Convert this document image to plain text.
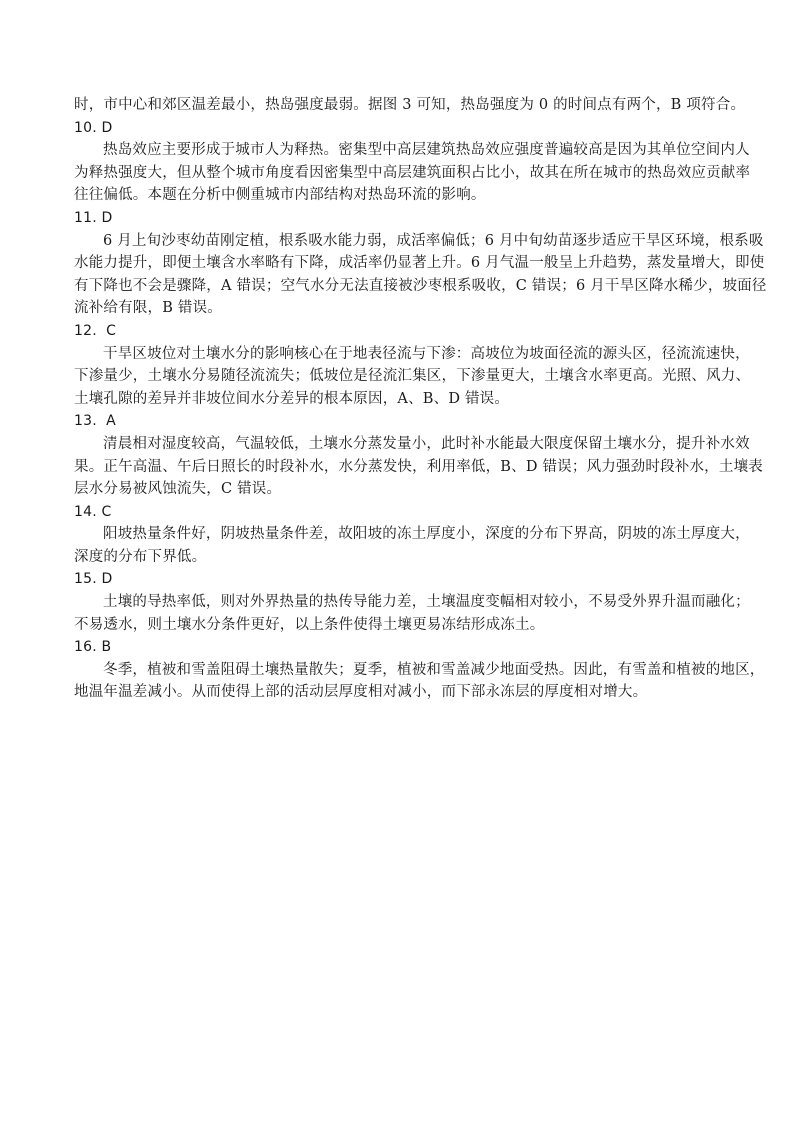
时，市中心和郊区温差最小，热岛强度最弱。据图 3 可知，热岛强度为 0 的时间点有两个，B 项符合。
10. D
热岛效应主要形成于城市人为释热。密集型中高层建筑热岛效应强度普遍较高是因为其单位空间内人
为释热强度大，但从整个城市角度看因密集型中高层建筑面积占比小，故其在所在城市的热岛效应贡献率
往往偏低。本题在分析中侧重城市内部结构对热岛环流的影响。
11. D
6 月上旬沙枣幼苗刚定植，根系吸水能力弱，成活率偏低；6 月中旬幼苗逐步适应干旱区环境，根系吸
水能力提升，即便土壤含水率略有下降，成活率仍显著上升。6 月气温一般呈上升趋势，蒸发量增大，即使
有下降也不会是骤降，A 错误；空气水分无法直接被沙枣根系吸收，C 错误；6 月干旱区降水稀少，坡面径
流补给有限，B 错误。
12.  C
干旱区坡位对土壤水分的影响核心在于地表径流与下渗：高坡位为坡面径流的源头区，径流流速快，
下渗量少，土壤水分易随径流流失；低坡位是径流汇集区，下渗量更大，土壤含水率更高。光照、风力、
土壤孔隙的差异并非坡位间水分差异的根本原因，A、B、D 错误。
13.  A
清晨相对湿度较高，气温较低，土壤水分蒸发量小，此时补水能最大限度保留土壤水分，提升补水效
果。正午高温、午后日照长的时段补水，水分蒸发快，利用率低，B、D 错误；风力强劲时段补水，土壤表
层水分易被风蚀流失，C 错误。
14. C
阳坡热量条件好，阴坡热量条件差，故阳坡的冻土厚度小，深度的分布下界高，阴坡的冻土厚度大，
深度的分布下界低。
15. D
土壤的导热率低，则对外界热量的热传导能力差，土壤温度变幅相对较小，不易受外界升温而融化；
不易透水，则土壤水分条件更好，以上条件使得土壤更易冻结形成冻土。
16. B
冬季，植被和雪盖阻碍土壤热量散失；夏季，植被和雪盖减少地面受热。因此，有雪盖和植被的地区，
地温年温差减小。从而使得上部的活动层厚度相对减小，而下部永冻层的厚度相对增大。
